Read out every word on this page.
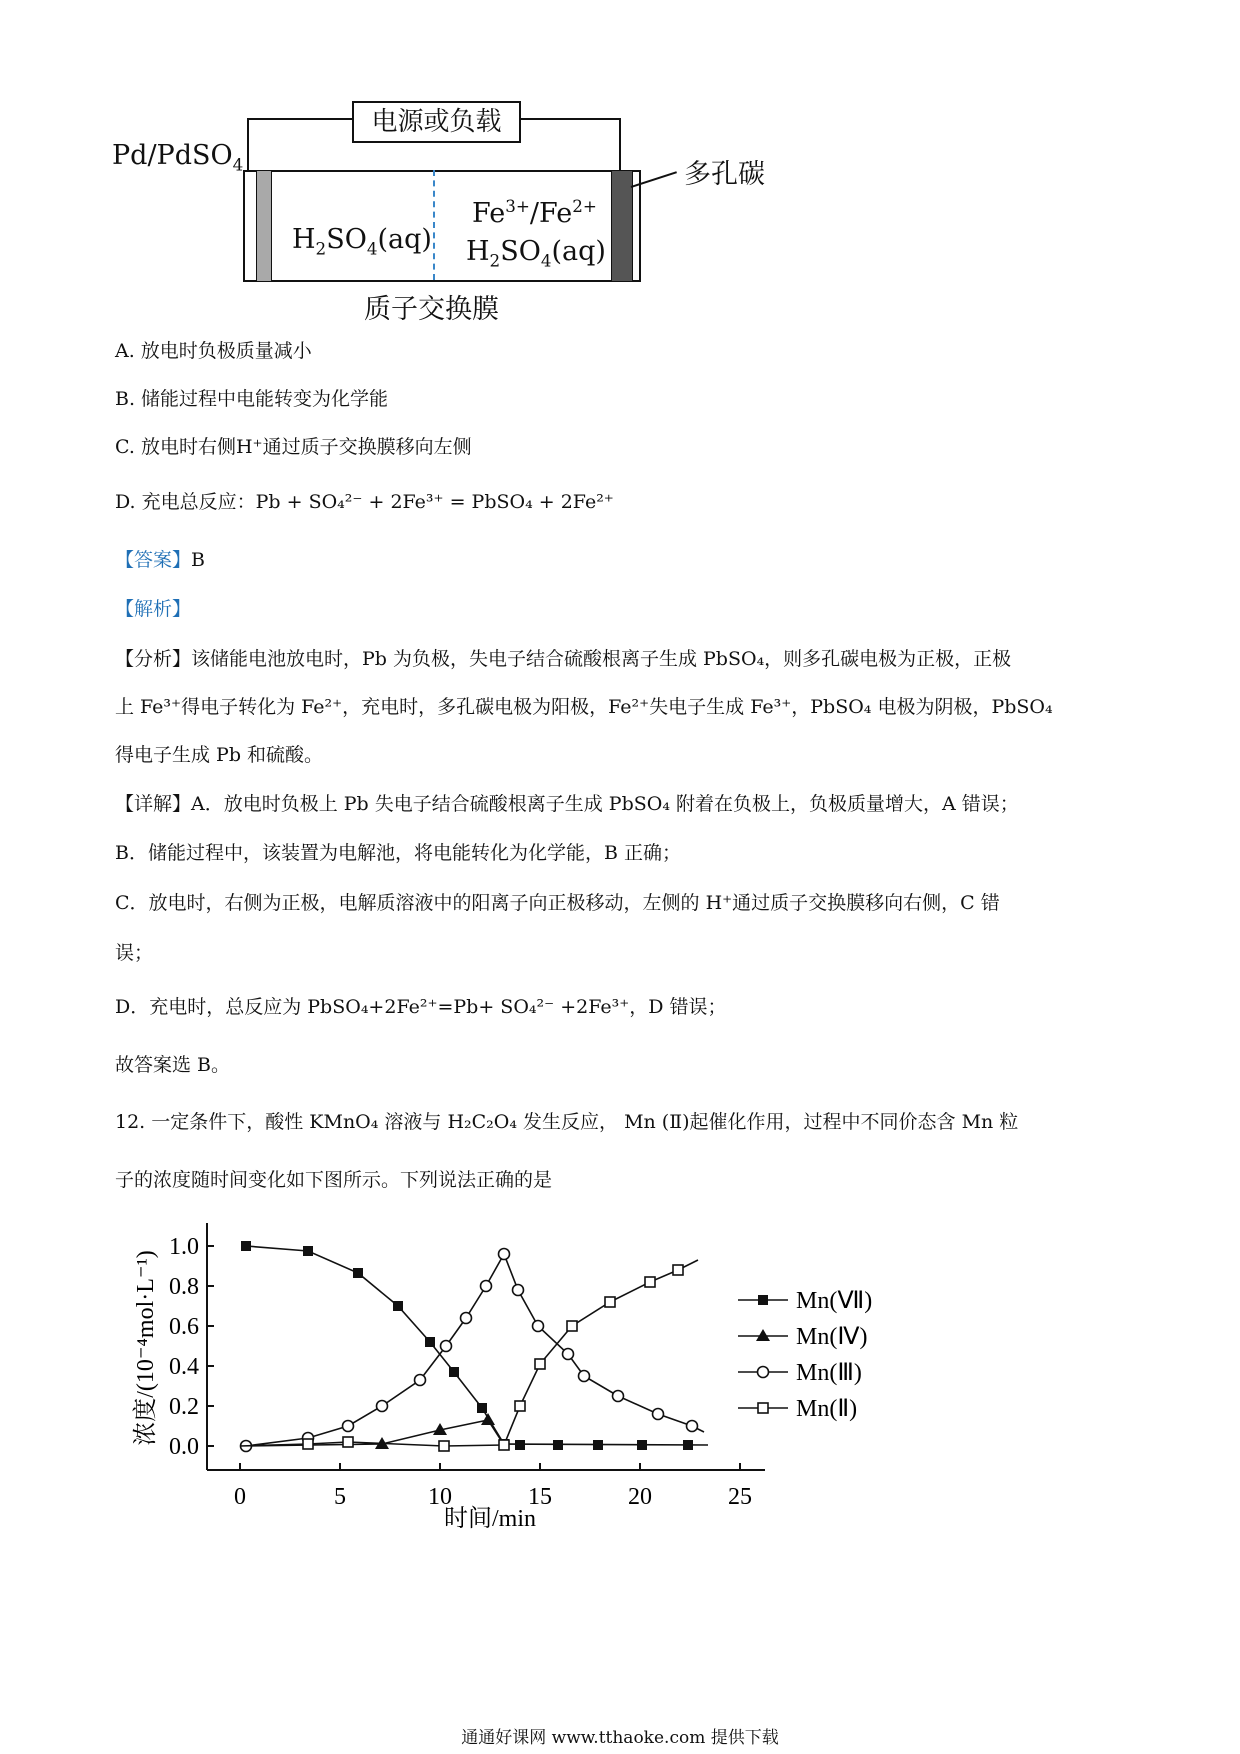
电源或负载
Pd/PdSO$_4$	多孔碳
$H_2SO_4(aq)$
$Fe^{3+}/Fe^{2+}$
$H_2SO_4(aq)$
质子交换膜
A. 放电时负极质量减小
B. 储能过程中电能转变为化学能
C. 放电时右侧H⁺通过质子交换膜移向左侧
D. 充电总反应：Pb + SO₄²⁻ + 2Fe³⁺ = PbSO₄ + 2Fe²⁺
【答案】B
【解析】
【分析】该储能电池放电时，Pb 为负极，失电子结合硫酸根离子生成 PbSO₄，则多孔碳电极为正极，正极
上 Fe³⁺得电子转化为 Fe²⁺，充电时，多孔碳电极为阳极，Fe²⁺失电子生成 Fe³⁺，PbSO₄ 电极为阴极，PbSO₄
得电子生成 Pb 和硫酸。
【详解】A．放电时负极上 Pb 失电子结合硫酸根离子生成 PbSO₄ 附着在负极上，负极质量增大，A 错误；
B．储能过程中，该装置为电解池，将电能转化为化学能，B 正确；
C．放电时，右侧为正极，电解质溶液中的阳离子向正极移动，左侧的 H⁺通过质子交换膜移向右侧，C 错
误；
D．充电时，总反应为 PbSO₄+2Fe²⁺=Pb+ SO₄²⁻ +2Fe³⁺，D 错误；
故答案选 B。
12. 一定条件下，酸性 KMnO₄ 溶液与 H₂C₂O₄ 发生反应， Mn (Ⅱ)起催化作用，过程中不同价态含 Mn 粒
子的浓度随时间变化如下图所示。下列说法正确的是
0	5	10	15	20	25
0.0
0.2
0.4
0.6
0.8
1.0
时间/min
浓度/(10⁻⁴mol·L⁻¹)	Mn(Ⅶ)
Mn(Ⅳ)
Mn(Ⅲ)
Mn(Ⅱ)
通通好课网 www.tthaoke.com 提供下载
